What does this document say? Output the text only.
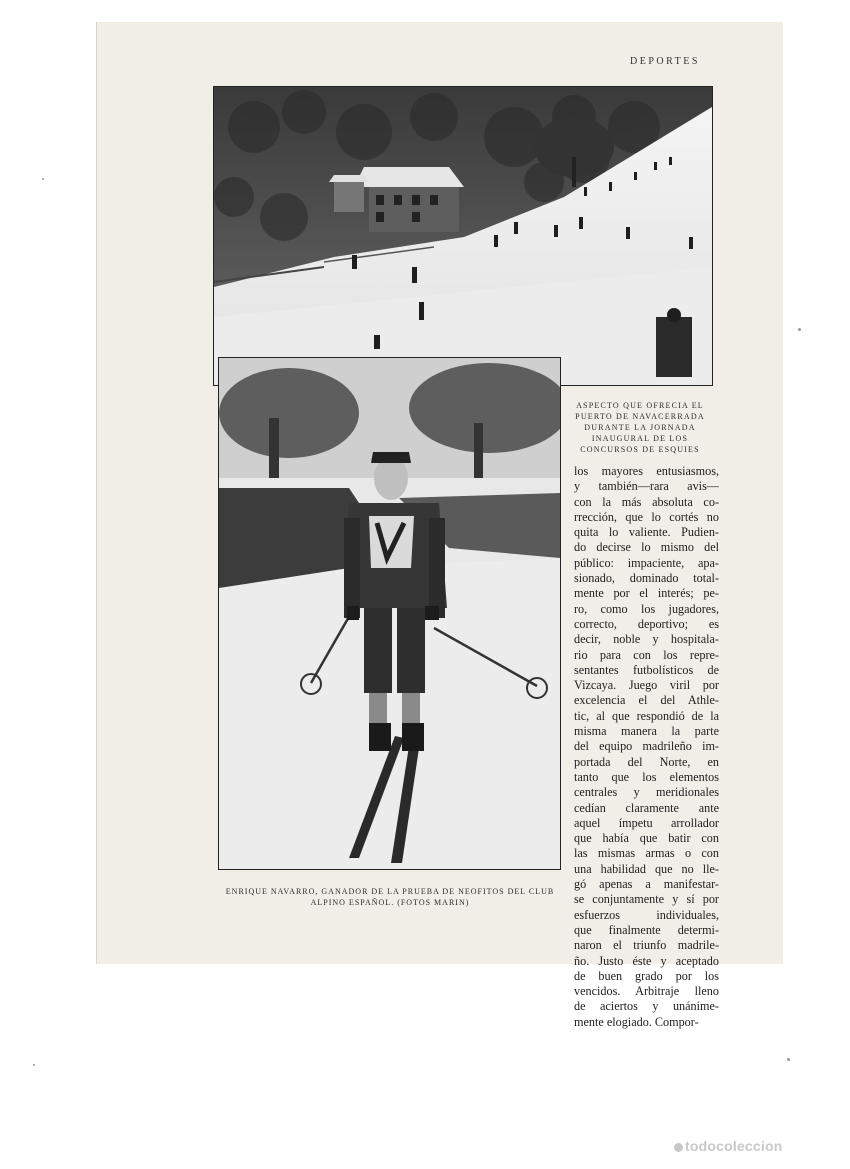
DEPORTES
ASPECTO QUE OFRECIA EL PUERTO DE NAVACERRADA DURANTE LA JORNADA INAUGURAL DE LOS CONCURSOS DE ESQUIES
los mayores entusiasmos,
y también—rara avis—
con la más absoluta co-
rrección, que lo cortés no
quita lo valiente. Pudien-
do decirse lo mismo del
público: impaciente, apa-
sionado, dominado total-
mente por el interés; pe-
ro, como los jugadores,
correcto, deportivo; es
decir, noble y hospitala-
rio para con los repre-
sentantes futbolísticos de
Vizcaya. Juego viril por
excelencia el del Athle-
tic, al que respondió de la
misma manera la parte
del equipo madrileño im-
portada del Norte, en
tanto que los elementos
centrales y meridionales
cedían claramente ante
aquel ímpetu arrollador
que había que batir con
las mismas armas o con
una habilidad que no lle-
gó apenas a manifestar-
se conjuntamente y sí por
esfuerzos individuales,
que finalmente determi-
naron el triunfo madrile-
ño. Justo éste y aceptado
de buen grado por los
vencidos. Arbitraje lleno
de aciertos y unánime-
mente elogiado. Compor-
ENRIQUE NAVARRO, GANADOR DE LA PRUEBA DE NEOFITOS DEL CLUB ALPINO ESPAÑOL. (FOTOS MARIN)
todocoleccion
